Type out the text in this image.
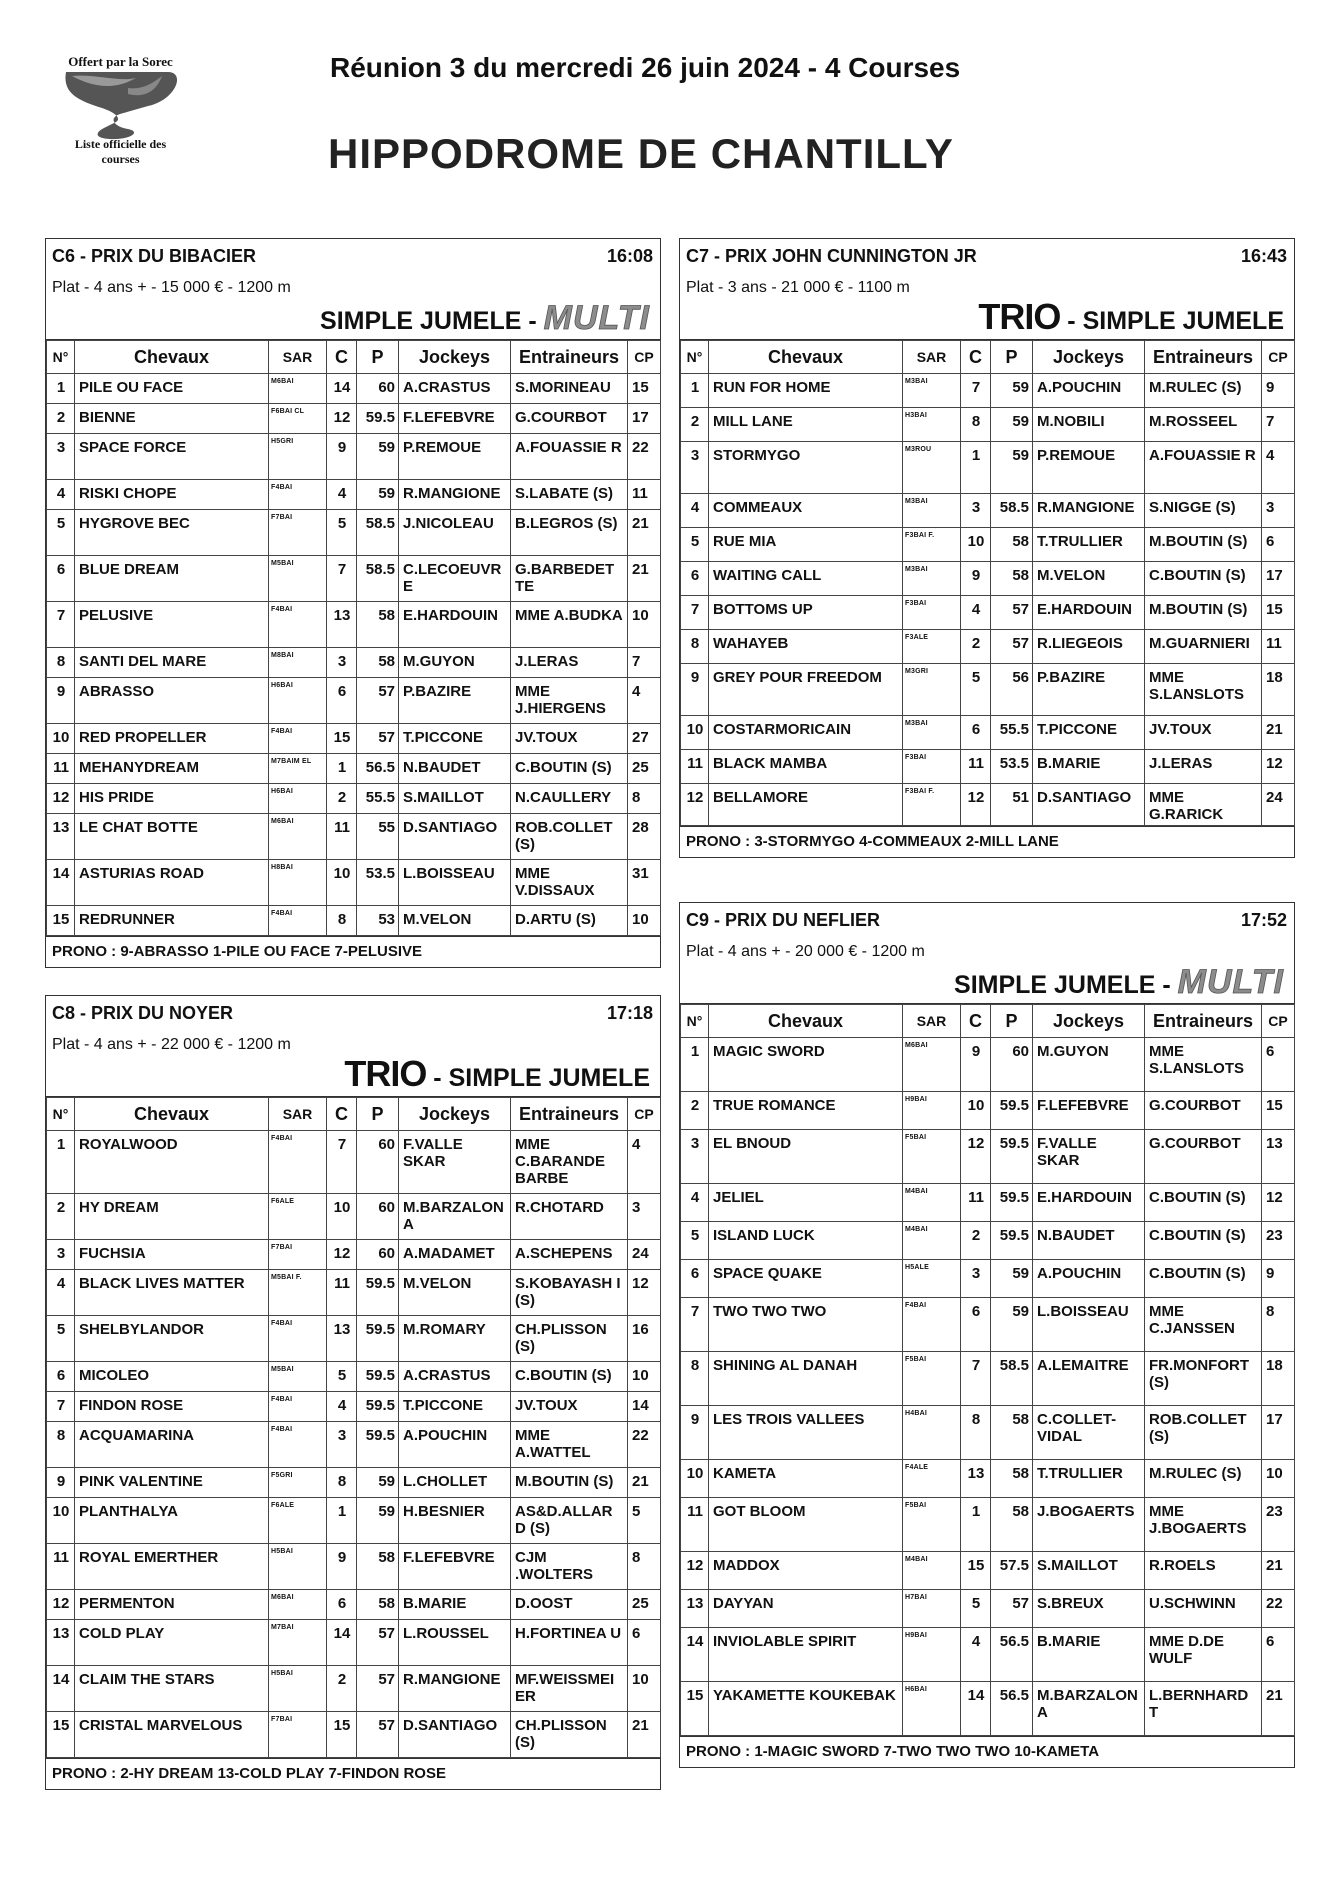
Offert par la Sorec
Liste officielle des courses
Réunion 3 du mercredi 26 juin 2024 - 4 Courses
HIPPODROME DE CHANTILLY
C6 - PRIX DU BIBACIER	16:08
Plat - 4 ans + - 15 000 € - 1200 m
SIMPLE JUMELE - MULTI
N°	Chevaux	SAR	C	P	Jockeys	Entraineurs	CP
1	PILE OU FACE	M6BAI	14	60	A.CRASTUS	S.MORINEAU	15
2	BIENNE	F6BAI CL	12	59.5	F.LEFEBVRE	G.COURBOT	17
3	SPACE FORCE	H5GRI	9	59	P.REMOUE	A.FOUASSIE R	22
4	RISKI CHOPE	F4BAI	4	59	R.MANGIONE	S.LABATE (S)	11
5	HYGROVE BEC	F7BAI	5	58.5	J.NICOLEAU	B.LEGROS (S)	21
6	BLUE DREAM	M5BAI	7	58.5	C.LECOEUVR E	G.BARBEDET TE	21
7	PELUSIVE	F4BAI	13	58	E.HARDOUIN	MME A.BUDKA	10
8	SANTI DEL MARE	M8BAI	3	58	M.GUYON	J.LERAS	7
9	ABRASSO	H6BAI	6	57	P.BAZIRE	MME J.HIERGENS	4
10	RED PROPELLER	F4BAI	15	57	T.PICCONE	JV.TOUX	27
11	MEHANYDREAM	M7BAIM EL	1	56.5	N.BAUDET	C.BOUTIN (S)	25
12	HIS PRIDE	H6BAI	2	55.5	S.MAILLOT	N.CAULLERY	8
13	LE CHAT BOTTE	M6BAI	11	55	D.SANTIAGO	ROB.COLLET (S)	28
14	ASTURIAS ROAD	H8BAI	10	53.5	L.BOISSEAU	MME V.DISSAUX	31
15	REDRUNNER	F4BAI	8	53	M.VELON	D.ARTU (S)	10
PRONO : 9-ABRASSO 1-PILE OU FACE 7-PELUSIVE
C7 - PRIX JOHN CUNNINGTON JR	16:43
Plat - 3 ans - 21 000 € - 1100 m
TRIO - SIMPLE JUMELE
N°	Chevaux	SAR	C	P	Jockeys	Entraineurs	CP
1	RUN FOR HOME	M3BAI	7	59	A.POUCHIN	M.RULEC (S)	9
2	MILL LANE	H3BAI	8	59	M.NOBILI	M.ROSSEEL	7
3	STORMYGO	M3ROU	1	59	P.REMOUE	A.FOUASSIE R	4
4	COMMEAUX	M3BAI	3	58.5	R.MANGIONE	S.NIGGE (S)	3
5	RUE MIA	F3BAI F.	10	58	T.TRULLIER	M.BOUTIN (S)	6
6	WAITING CALL	M3BAI	9	58	M.VELON	C.BOUTIN (S)	17
7	BOTTOMS UP	F3BAI	4	57	E.HARDOUIN	M.BOUTIN (S)	15
8	WAHAYEB	F3ALE	2	57	R.LIEGEOIS	M.GUARNIERI	11
9	GREY POUR FREEDOM	M3GRI	5	56	P.BAZIRE	MME S.LANSLOTS	18
10	COSTARMORICAIN	M3BAI	6	55.5	T.PICCONE	JV.TOUX	21
11	BLACK MAMBA	F3BAI	11	53.5	B.MARIE	J.LERAS	12
12	BELLAMORE	F3BAI F.	12	51	D.SANTIAGO	MME G.RARICK	24
PRONO : 3-STORMYGO 4-COMMEAUX 2-MILL LANE
C8 - PRIX DU NOYER	17:18
Plat - 4 ans + - 22 000 € - 1200 m
TRIO - SIMPLE JUMELE
N°	Chevaux	SAR	C	P	Jockeys	Entraineurs	CP
1	ROYALWOOD	F4BAI	7	60	F.VALLE SKAR	MME C.BARANDE BARBE	4
2	HY DREAM	F6ALE	10	60	M.BARZALON A	R.CHOTARD	3
3	FUCHSIA	F7BAI	12	60	A.MADAMET	A.SCHEPENS	24
4	BLACK LIVES MATTER	M5BAI F.	11	59.5	M.VELON	S.KOBAYASH I (S)	12
5	SHELBYLANDOR	F4BAI	13	59.5	M.ROMARY	CH.PLISSON (S)	16
6	MICOLEO	M5BAI	5	59.5	A.CRASTUS	C.BOUTIN (S)	10
7	FINDON ROSE	F4BAI	4	59.5	T.PICCONE	JV.TOUX	14
8	ACQUAMARINA	F4BAI	3	59.5	A.POUCHIN	MME A.WATTEL	22
9	PINK VALENTINE	F5GRI	8	59	L.CHOLLET	M.BOUTIN (S)	21
10	PLANTHALYA	F6ALE	1	59	H.BESNIER	AS&D.ALLAR D (S)	5
11	ROYAL EMERTHER	H5BAI	9	58	F.LEFEBVRE	CJM .WOLTERS	8
12	PERMENTON	M6BAI	6	58	B.MARIE	D.OOST	25
13	COLD PLAY	M7BAI	14	57	L.ROUSSEL	H.FORTINEA U	6
14	CLAIM THE STARS	H5BAI	2	57	R.MANGIONE	MF.WEISSMEI ER	10
15	CRISTAL MARVELOUS	F7BAI	15	57	D.SANTIAGO	CH.PLISSON (S)	21
PRONO : 2-HY DREAM 13-COLD PLAY 7-FINDON ROSE
C9 - PRIX DU NEFLIER	17:52
Plat - 4 ans + - 20 000 € - 1200 m
SIMPLE JUMELE - MULTI
N°	Chevaux	SAR	C	P	Jockeys	Entraineurs	CP
1	MAGIC SWORD	M6BAI	9	60	M.GUYON	MME S.LANSLOTS	6
2	TRUE ROMANCE	H9BAI	10	59.5	F.LEFEBVRE	G.COURBOT	15
3	EL BNOUD	F5BAI	12	59.5	F.VALLE SKAR	G.COURBOT	13
4	JELIEL	M4BAI	11	59.5	E.HARDOUIN	C.BOUTIN (S)	12
5	ISLAND LUCK	M4BAI	2	59.5	N.BAUDET	C.BOUTIN (S)	23
6	SPACE QUAKE	H5ALE	3	59	A.POUCHIN	C.BOUTIN (S)	9
7	TWO TWO TWO	F4BAI	6	59	L.BOISSEAU	MME C.JANSSEN	8
8	SHINING AL DANAH	F5BAI	7	58.5	A.LEMAITRE	FR.MONFORT (S)	18
9	LES TROIS VALLEES	H4BAI	8	58	C.COLLET-VIDAL	ROB.COLLET (S)	17
10	KAMETA	F4ALE	13	58	T.TRULLIER	M.RULEC (S)	10
11	GOT BLOOM	F5BAI	1	58	J.BOGAERTS	MME J.BOGAERTS	23
12	MADDOX	M4BAI	15	57.5	S.MAILLOT	R.ROELS	21
13	DAYYAN	H7BAI	5	57	S.BREUX	U.SCHWINN	22
14	INVIOLABLE SPIRIT	H9BAI	4	56.5	B.MARIE	MME D.DE WULF	6
15	YAKAMETTE KOUKEBAK	H6BAI	14	56.5	M.BARZALON A	L.BERNHARD T	21
PRONO : 1-MAGIC SWORD 7-TWO TWO TWO 10-KAMETA
